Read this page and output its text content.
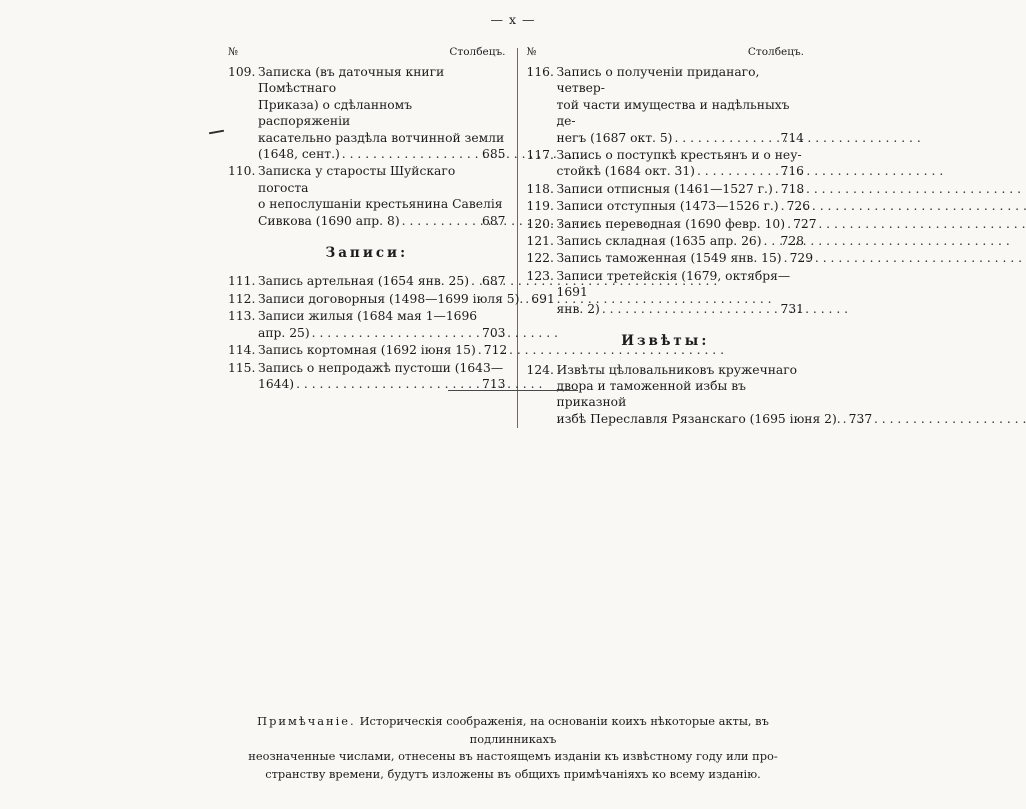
— x —
№	Столбецъ.
109. Записка (въ даточныя книги Помѣстнаго
Приказа) о сдѣланномъ распоряженіи
касательно раздѣла вотчинной земли
(1648, сент.) . . .	685
110. Записка у старосты Шуйскаго погоста
о непослушаніи крестьянина Савелія
Сивкова (1690 апр. 8) . . .	687
Записи:
111. Запись артельная (1654 янв. 25) . . . 687
112. Записи договорныя (1498—1699 іюля 5). . . . 691
113. Записи жилыя (1684 мая 1—1696
апр. 25) . . .	703
114. Запись кортомная (1692 іюня 15) . . . 712
115. Запись о непродажѣ пустоши (1643—
1644) . . .	713
№	Столбецъ.
116. Запись о полученіи приданаго, четвер-
той части имущества и надѣльныхъ де-
негъ (1687 окт. 5) . . .	714
117. Запись о поступкѣ крестьянъ и о неу-
стойкѣ (1684 окт. 31) . . .	716
118. Записи отписныя (1461—1527 г.) . . . 718
119. Записи отступныя (1473—1526 г.) . . . 726
120. Запись переводная (1690 февр. 10) . . . 727
121. Запись складная (1635 апр. 26) . . . 728
122. Запись таможенная (1549 янв. 15) . . . 729
123. Записи третейскія (1679, октября—1691
янв. 2) . . .	731
Извѣты:
124. Извѣты цѣловальниковъ кружечнаго
двора и таможенной избы въ приказной
избѣ Переславля Рязанскаго (1695 іюня 2). . . . 737
Примѣчаніе. Историческія соображенія, на основаніи коихъ нѣкоторые акты, въ подлинникахъ
неозначенные числами, отнесены въ настоящемъ изданіи къ извѣстному году или про-
странству времени, будутъ изложены въ общихъ примѣчаніяхъ ко всему изданію.
